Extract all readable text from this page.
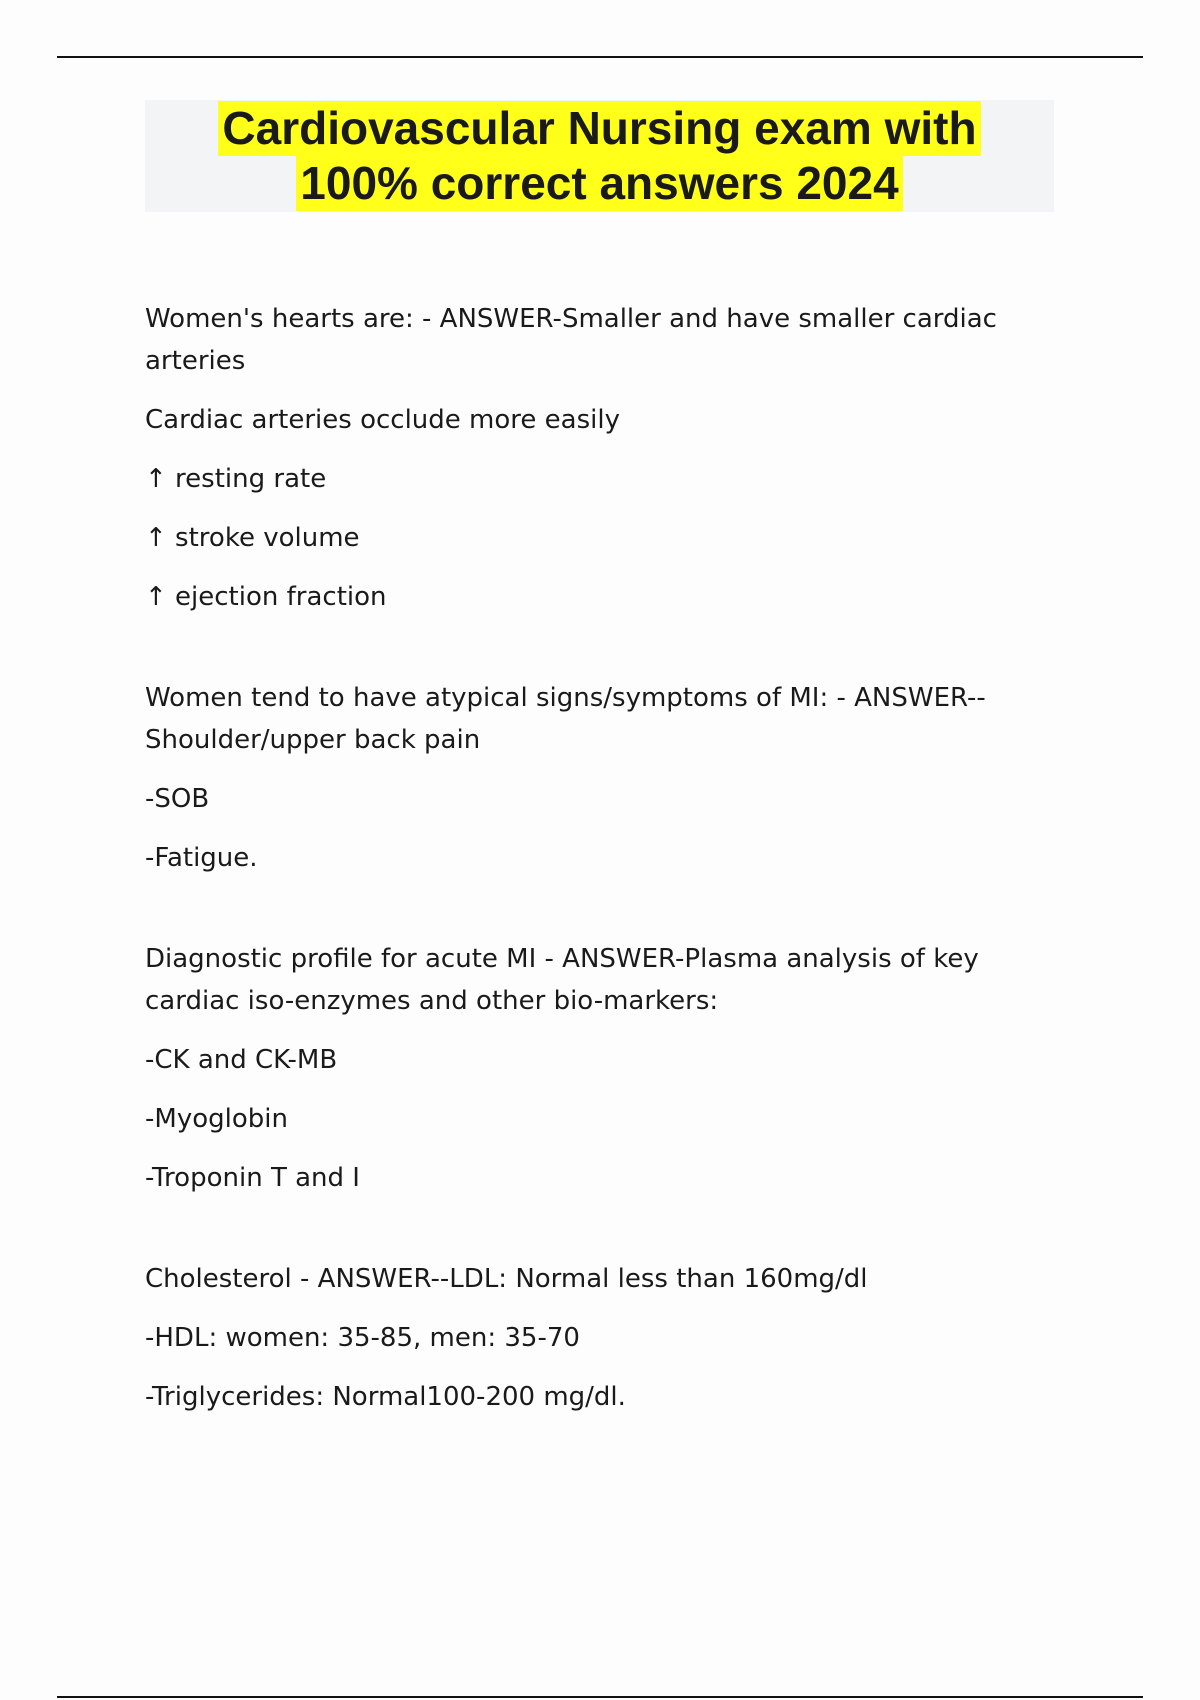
Cardiovascular Nursing exam with
100% correct answers 2024

Women's hearts are: - ANSWER-Smaller and have smaller cardiac arteries

Cardiac arteries occlude more easily

↑ resting rate

↑ stroke volume

↑ ejection fraction

Women tend to have atypical signs/symptoms of MI: - ANSWER--Shoulder/upper back pain

-SOB

-Fatigue.

Diagnostic profile for acute MI - ANSWER-Plasma analysis of key cardiac iso-enzymes and other bio-markers:

-CK and CK-MB

-Myoglobin

-Troponin T and I

Cholesterol - ANSWER--LDL: Normal less than 160mg/dl

-HDL: women: 35-85, men: 35-70

-Triglycerides: Normal100-200 mg/dl.
